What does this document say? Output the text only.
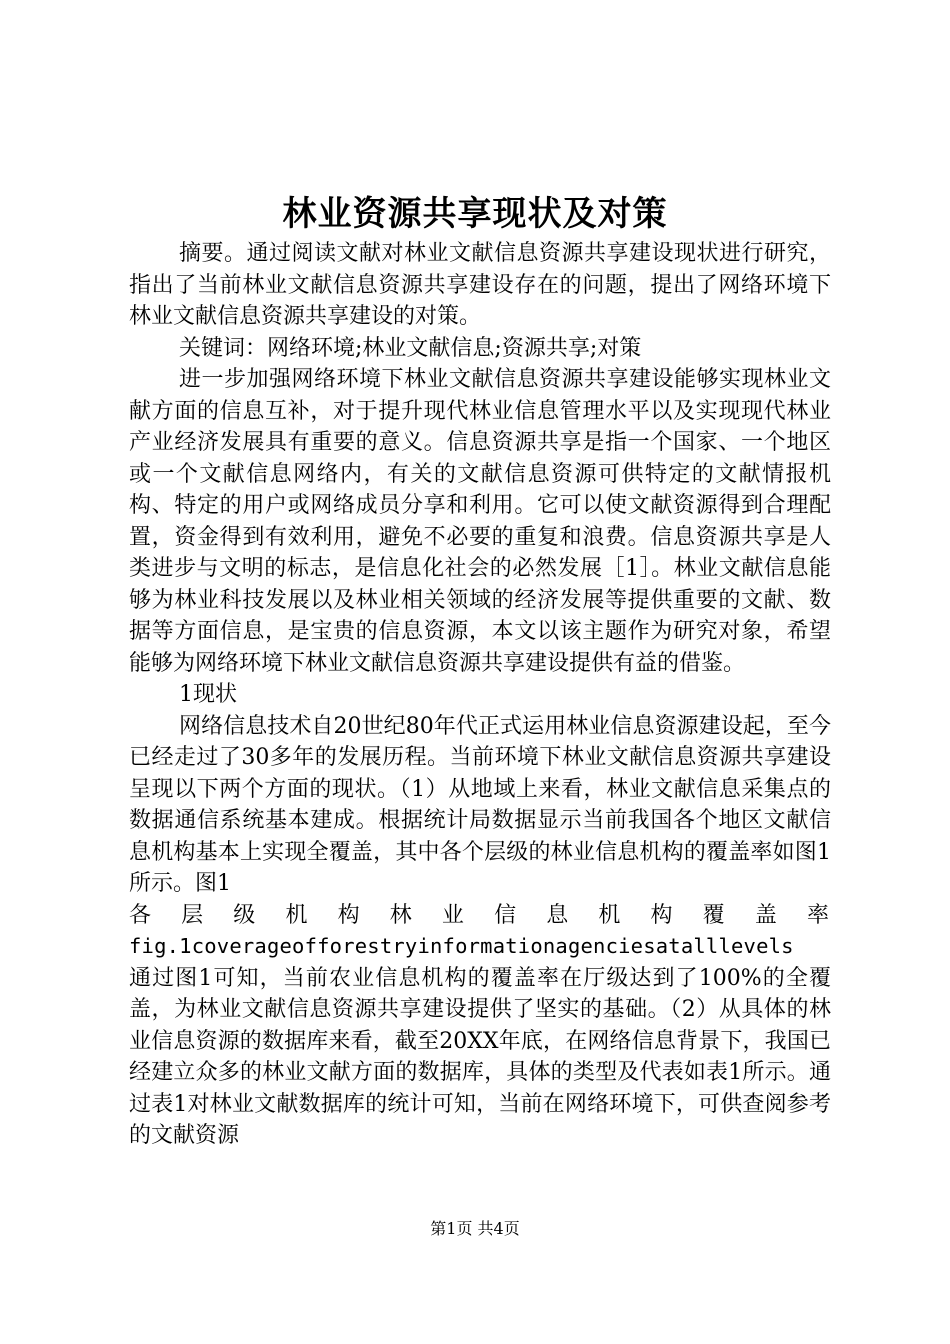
林业资源共享现状及对策

摘要。通过阅读文献对林业文献信息资源共享建设现状进行研究，指出了当前林业文献信息资源共享建设存在的问题，提出了网络环境下林业文献信息资源共享建设的对策。

关键词：网络环境;林业文献信息;资源共享;对策

进一步加强网络环境下林业文献信息资源共享建设能够实现林业文献方面的信息互补，对于提升现代林业信息管理水平以及实现现代林业产业经济发展具有重要的意义。信息资源共享是指一个国家、一个地区或一个文献信息网络内，有关的文献信息资源可供特定的文献情报机构、特定的用户或网络成员分享和利用。它可以使文献资源得到合理配置，资金得到有效利用，避免不必要的重复和浪费。信息资源共享是人类进步与文明的标志，是信息化社会的必然发展［1］。林业文献信息能够为林业科技发展以及林业相关领域的经济发展等提供重要的文献、数据等方面信息，是宝贵的信息资源，本文以该主题作为研究对象，希望能够为网络环境下林业文献信息资源共享建设提供有益的借鉴。

1现状

网络信息技术自20世纪80年代正式运用林业信息资源建设起，至今已经走过了30多年的发展历程。当前环境下林业文献信息资源共享建设呈现以下两个方面的现状。（1）从地域上来看，林业文献信息采集点的数据通信系统基本建成。根据统计局数据显示当前我国各个地区文献信息机构基本上实现全覆盖，其中各个层级的林业信息机构的覆盖率如图1所示。图1

各 层 级 机 构 林 业 信 息 机 构 覆 盖 率

fig.1coverageofforestryinformationagenciesatalllevels

通过图1可知，当前农业信息机构的覆盖率在厅级达到了100%的全覆盖，为林业文献信息资源共享建设提供了坚实的基础。（2）从具体的林业信息资源的数据库来看，截至20XX年底，在网络信息背景下，我国已经建立众多的林业文献方面的数据库，具体的类型及代表如表1所示。通过表1对林业文献数据库的统计可知，当前在网络环境下，可供查阅参考的文献资源

第1页 共4页
